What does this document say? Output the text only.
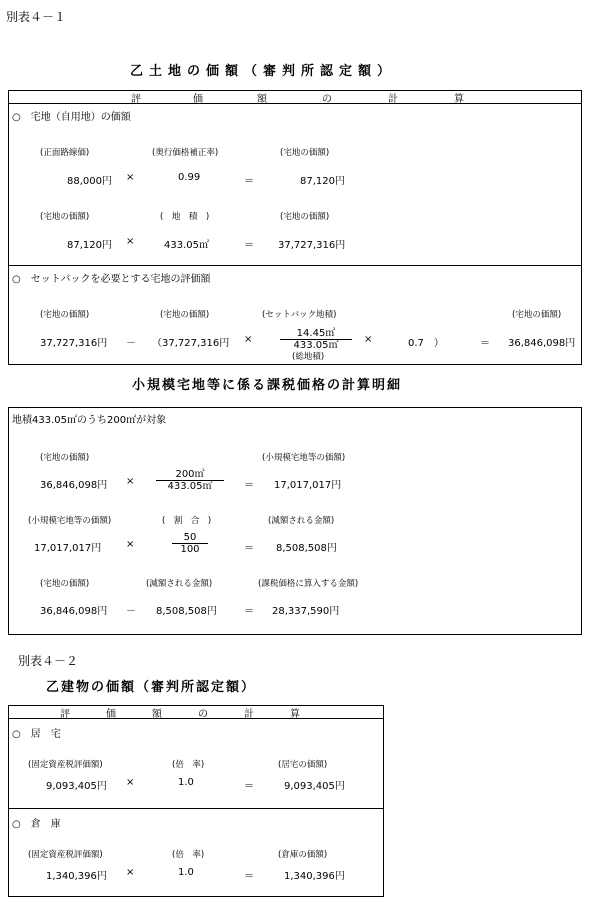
別表４－１
乙土地の価額（審判所認定額）
評	価	額	の	計	算
○　宅地（自用地）の価額
(正面路線価)	(奥行価格補正率)	(宅地の価額)
88,000円 ×	0.99	＝	87,120円
(宅地の価額)	(　地　積　)	(宅地の価額)
87,120円 ×	433.05㎡	＝ 37,727,316円
○　セットバックを必要とする宅地の評価額
(宅地の価額)	(宅地の価額)	(セットバック地積)	(宅地の価額)
37,727,316円 － （37,727,316円 ×	$\frac{14.45㎡}{433.05㎡}$
(総地積)
×	0.7　）	＝ 36,846,098円
小規模宅地等に係る課税価格の計算明細
地積433.05㎡のうち200㎡が対象
(宅地の価額)	(小規模宅地等の価額)
36,846,098円 × $\frac{200㎡}{433.05㎡} = 17,017,017$円
(小規模宅地等の価額)	(　割　合　)	(減額される金額)
17,017,017円 ×	$\frac{50}{100}$	＝ 8,508,508円
(宅地の価額)	(減額される金額)	(課税価格に算入する金額)
36,846,098円 － 8,508,508円	＝ 28,337,590円
別表４－２
乙建物の価額（審判所認定額）
評	価	額	の	計	算
○　居　宅
(固定資産税評価額)	(倍　率)	(居宅の価額)
9,093,405円 ×	1.0	＝	9,093,405円
○　倉　庫
(固定資産税評価額)	(倍　率)	(倉庫の価額)
1,340,396円 ×	1.0	＝	1,340,396円
